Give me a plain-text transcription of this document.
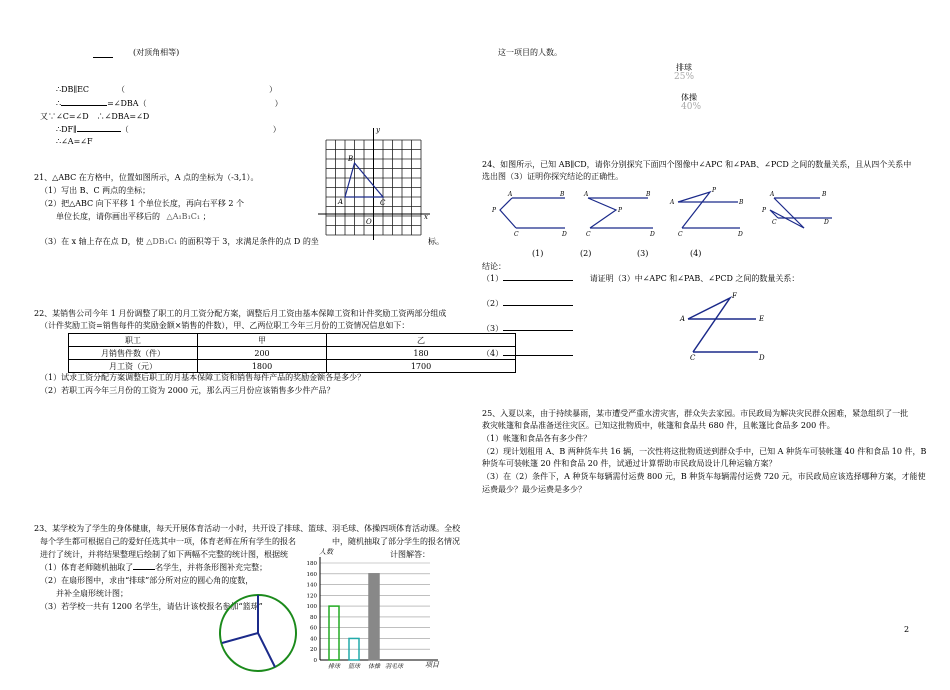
(对顶角相等)
∴DB∥EC　　　　（　　　　　　　　　　　　　　　　　　）
∴	=∠DBA（　　　　　　　　　　　　　　　　）
又∵∠C=∠D　∴∠DBA=∠D
∴DF∥	（　　　　　　　　　　　　　　　　　　）
∴∠A=∠F
21、△ABC 在方格中，位置如图所示，A 点的坐标为（-3,1）。
（1）写出 B、C 两点的坐标；
（2）把△ABC 向下平移 1 个单位长度，再向右平移 2 个
单位长度，请你画出平移后的 △A₁B₁C₁ ；
（3）在 x 轴上存在点 D，使 △DB₁C₁ 的面积等于 3，求满足条件的点 D 的坐	标。
y
x
A
B
C
O
22、某销售公司今年 1 月份调整了职工的月工资分配方案，调整后月工资由基本保障工资和计件奖励工资两部分组成
（计件奖励工资=销售每件的奖励金额×销售的件数），甲、乙两位职工今年三月份的工资情况信息如下：
职工	甲	乙
月销售件数（件）	200	180
月工资（元）	1800	1700
（1）试求工资分配方案调整后职工的月基本保障工资和销售每件产品的奖励金额各是多少？
（2）若职工丙今年三月份的工资为 2000 元，那么丙三月份应该销售多少件产品？
23、某学校为了学生的身体健康，每天开展体育活动一小时，共开设了排球、篮球、羽毛球、体操四项体育活动课。全校
每个学生都可根据自己的爱好任选其中一项，体育老师在所有学生的报名	中，随机抽取了部分学生的报名情况
进行了统计，并将结果整理后绘制了如下两幅不完整的统计图，根据统	计图解答：
（1）体育老师随机抽取了	名学生，并将条形图补充完整；
（2）在扇形图中，求由“排球”部分所对应的圆心角的度数，
并补全扇形统计图；
（3）若学校一共有 1200 名学生，请估计该校报名参加“篮球”
人数
0
20
40
60
80
100
120
140
160
180
排球 篮球 体操 羽毛球	项目
这一项目的人数。
排球
25%
体操
40%
24、如图所示，已知 AB∥CD，请你分别探究下面四个图像中∠APC 和∠PAB、∠PCD 之间的数量关系，且从四个关系中
选出图（3）证明你探究结论的正确性。
A	B
P
C	D
A	B
P
C	D
A	B
P
C	D
A	B
P
C	D
(1)	(2)	(3)	(4)
结论：
（1）	请证明（3）中∠APC 和∠PAB、∠PCD 之间的数量关系：
（2）
（3）
（4）
F
A	E
C	D
25、入夏以来，由于持续暴雨，某市遭受严重水涝灾害，群众失去家园。市民政局为解决灾民群众困难，紧急组织了一批
救灾帐篷和食品准备送往灾区。已知这批物质中，帐篷和食品共 680 件，且帐篷比食品多 200 件。
（1）帐篷和食品各有多少件？
（2）现计划租用 A、B 两种货车共 16 辆，一次性将这批物质送到群众手中，已知 A 种货车可装帐篷 40 件和食品 10 件，B
种货车可装帐篷 20 件和食品 20 件，试通过计算帮助市民政局设计几种运输方案？
（3）在（2）条件下，A 种货车每辆需付运费 800 元，B 种货车每辆需付运费 720 元，市民政局应该选择哪种方案，才能使
运费最少？最少运费是多少？
2
